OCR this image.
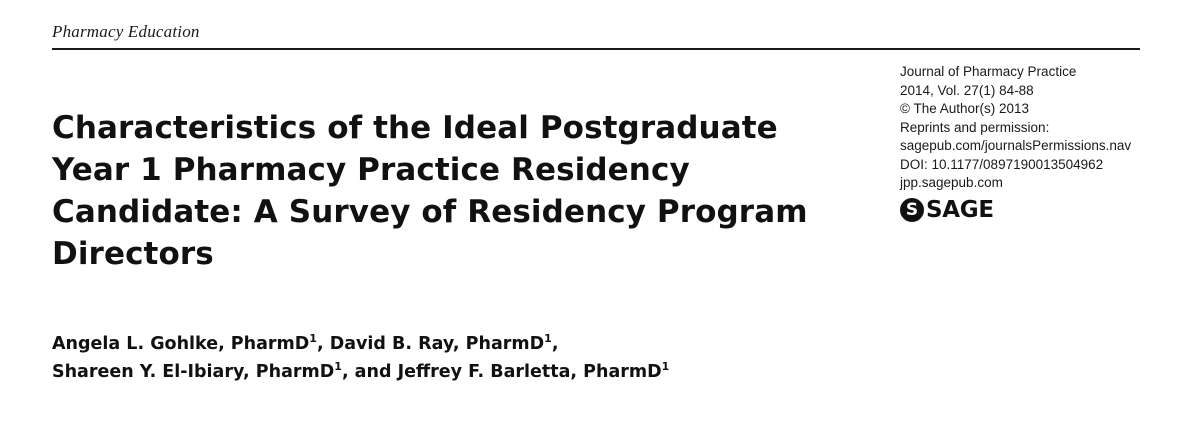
Pharmacy Education
Characteristics of the Ideal Postgraduate Year 1 Pharmacy Practice Residency Candidate: A Survey of Residency Program Directors
Angela L. Gohlke, PharmD$^1$, David B. Ray, PharmD$^1$,
Shareen Y. El-Ibiary, PharmD$^1$, and Jeffrey F. Barletta, PharmD$^1$
Journal of Pharmacy Practice
2014, Vol. 27(1) 84-88
© The Author(s) 2013
Reprints and permission:
sagepub.com/journalsPermissions.nav
DOI: 10.1177/0897190013504962
jpp.sagepub.com
S SAGE
